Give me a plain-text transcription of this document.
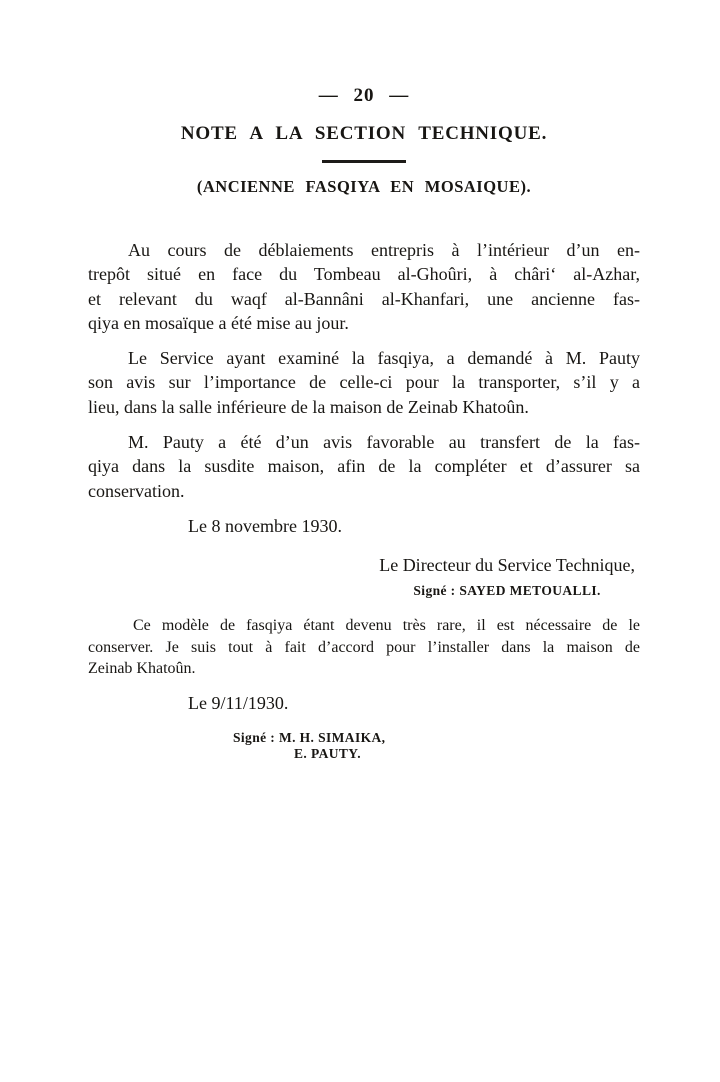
— 20 —
NOTE A LA SECTION TECHNIQUE.
(ANCIENNE FASQIYA EN MOSAIQUE).
Au cours de déblaiements entrepris à l’intérieur d’un en-
trepôt situé en face du Tombeau al-Ghoûri, à châri‘ al-Azhar,
et relevant du waqf al-Bannâni al-Khanfari, une ancienne fas-
qiya en mosaïque a été mise au jour.
Le Service ayant examiné la fasqiya, a demandé à M. Pauty
son avis sur l’importance de celle-ci pour la transporter, s’il y a
lieu, dans la salle inférieure de la maison de Zeinab Khatoûn.
M. Pauty a été d’un avis favorable au transfert de la fas-
qiya dans la susdite maison, afin de la compléter et d’assurer sa
conservation.
Le 8 novembre 1930.
Le Directeur du Service Technique,
Signé : SAYED METOUALLI.
Ce modèle de fasqiya étant devenu très rare, il est nécessaire de le
conserver. Je suis tout à fait d’accord pour l’installer dans la maison de
Zeinab Khatoûn.
Le 9/11/1930.
Signé : M. H. SIMAIKA,
E. PAUTY.
